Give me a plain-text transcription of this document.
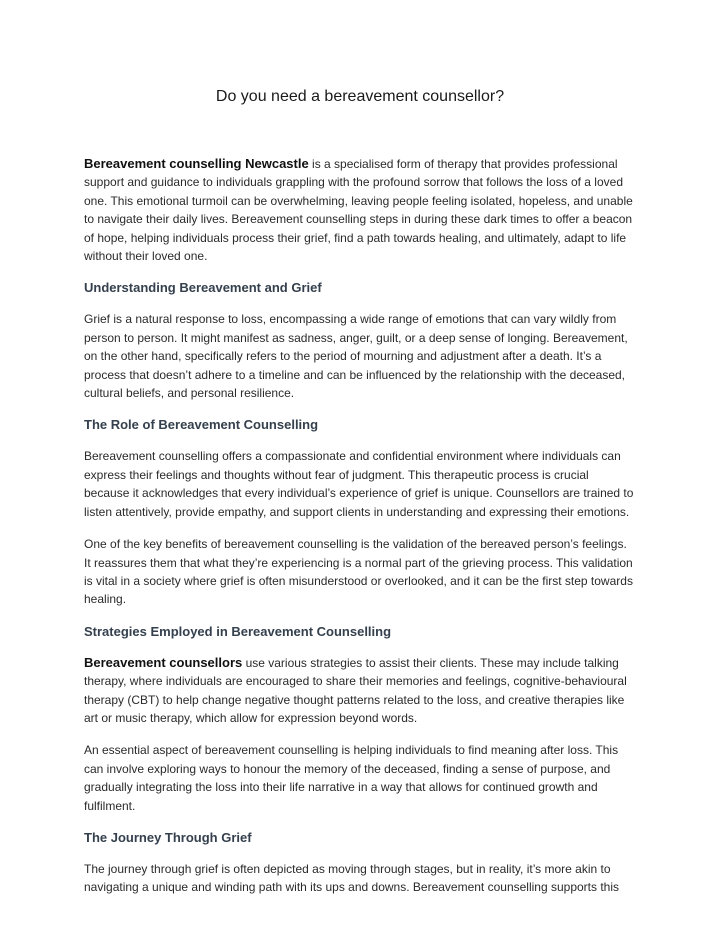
Do you need a bereavement counsellor?

Bereavement counselling Newcastle is a specialised form of therapy that provides professional support and guidance to individuals grappling with the profound sorrow that follows the loss of a loved one. This emotional turmoil can be overwhelming, leaving people feeling isolated, hopeless, and unable to navigate their daily lives. Bereavement counselling steps in during these dark times to offer a beacon of hope, helping individuals process their grief, find a path towards healing, and ultimately, adapt to life without their loved one.

Understanding Bereavement and Grief

Grief is a natural response to loss, encompassing a wide range of emotions that can vary wildly from person to person. It might manifest as sadness, anger, guilt, or a deep sense of longing. Bereavement, on the other hand, specifically refers to the period of mourning and adjustment after a death. It’s a process that doesn’t adhere to a timeline and can be influenced by the relationship with the deceased, cultural beliefs, and personal resilience.

The Role of Bereavement Counselling

Bereavement counselling offers a compassionate and confidential environment where individuals can express their feelings and thoughts without fear of judgment. This therapeutic process is crucial because it acknowledges that every individual’s experience of grief is unique. Counsellors are trained to listen attentively, provide empathy, and support clients in understanding and expressing their emotions.

One of the key benefits of bereavement counselling is the validation of the bereaved person’s feelings. It reassures them that what they’re experiencing is a normal part of the grieving process. This validation is vital in a society where grief is often misunderstood or overlooked, and it can be the first step towards healing.

Strategies Employed in Bereavement Counselling

Bereavement counsellors use various strategies to assist their clients. These may include talking therapy, where individuals are encouraged to share their memories and feelings, cognitive-behavioural therapy (CBT) to help change negative thought patterns related to the loss, and creative therapies like art or music therapy, which allow for expression beyond words.

An essential aspect of bereavement counselling is helping individuals to find meaning after loss. This can involve exploring ways to honour the memory of the deceased, finding a sense of purpose, and gradually integrating the loss into their life narrative in a way that allows for continued growth and fulfilment.

The Journey Through Grief

The journey through grief is often depicted as moving through stages, but in reality, it’s more akin to navigating a unique and winding path with its ups and downs. Bereavement counselling supports this
